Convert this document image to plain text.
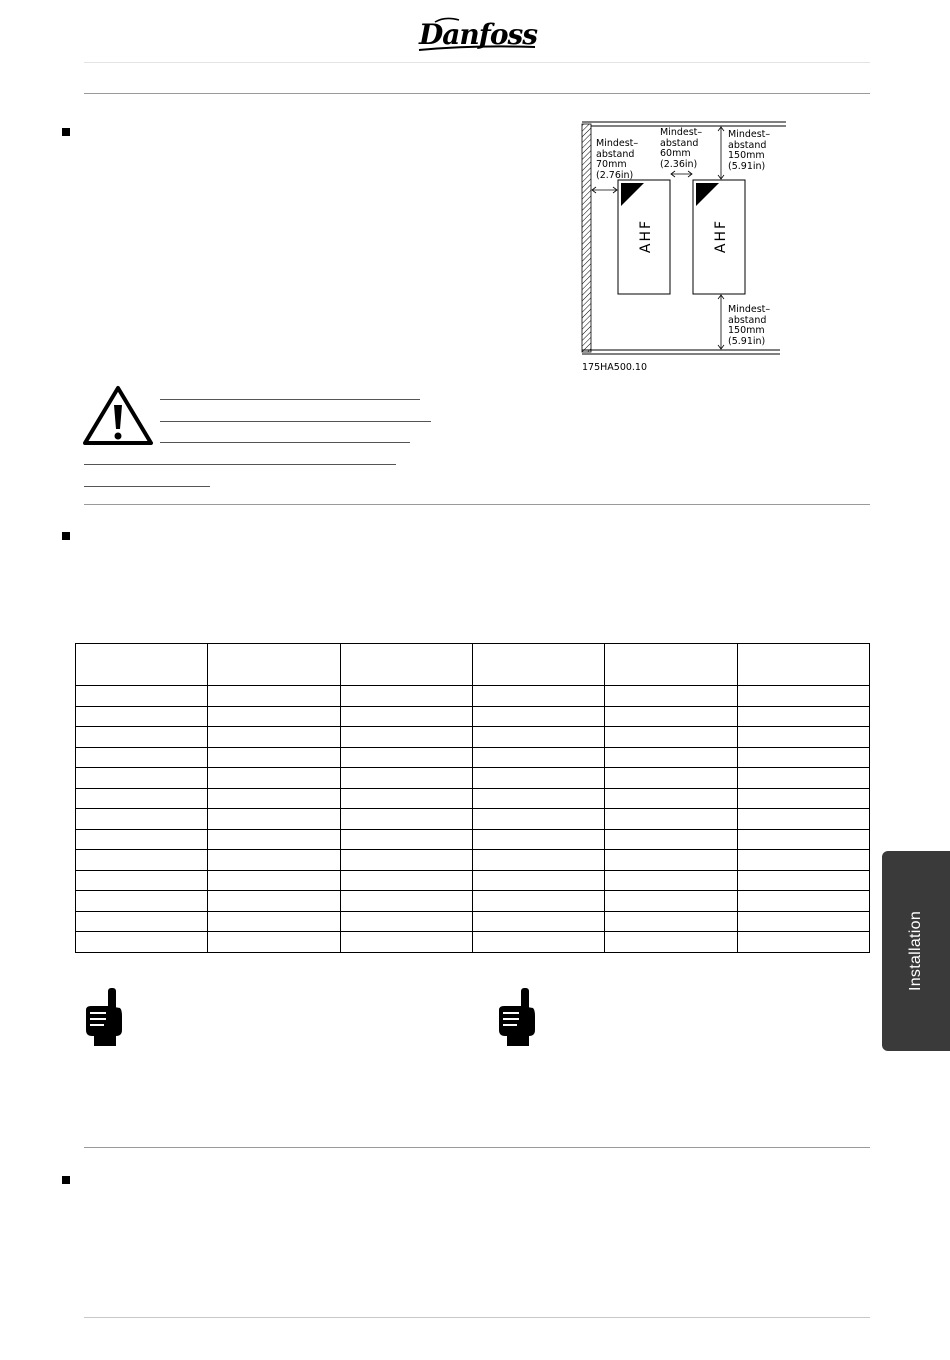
Danfoss
Mindest–
abstand
70mm
(2.76in)
Mindest–
abstand
60mm
(2.36in)
Mindest–
abstand
150mm
(5.91in)
Mindest–
abstand
150mm
(5.91in)
AHF	AHF
175HA500.10

Installation
